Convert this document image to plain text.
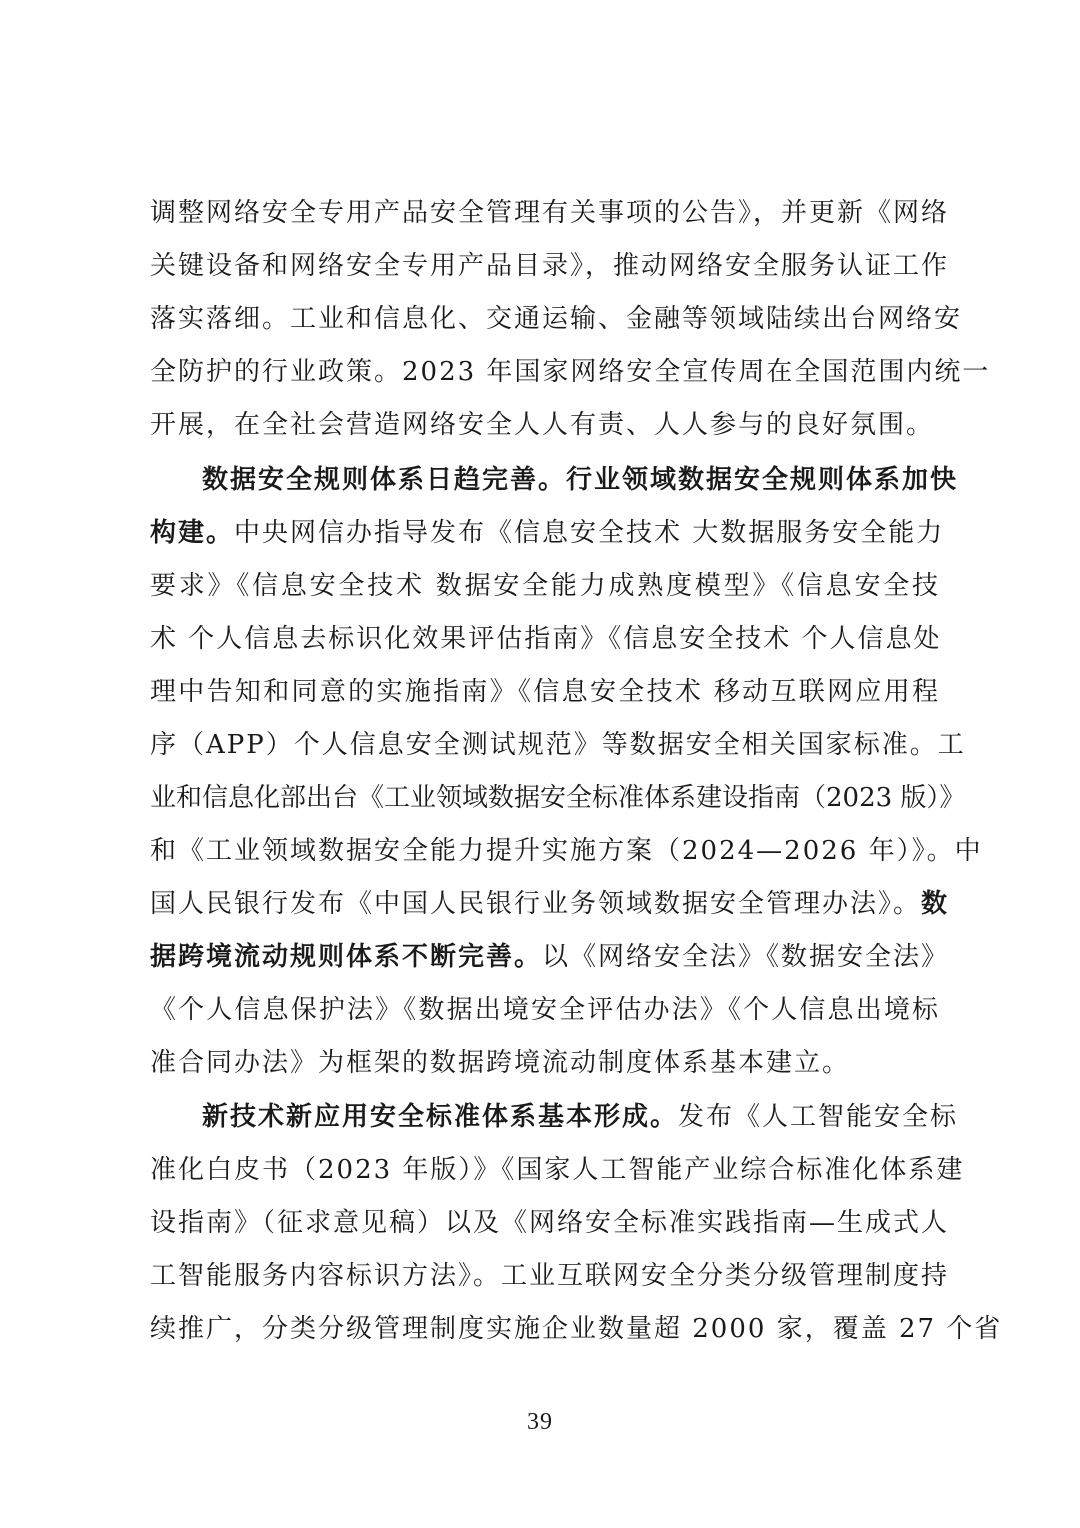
调整网络安全专用产品安全管理有关事项的公告》，并更新《网络
关键设备和网络安全专用产品目录》，推动网络安全服务认证工作
落实落细。工业和信息化、交通运输、金融等领域陆续出台网络安
全防护的行业政策。2023 年国家网络安全宣传周在全国范围内统一
开展，在全社会营造网络安全人人有责、人人参与的良好氛围。
数据安全规则体系日趋完善。行业领域数据安全规则体系加快
构建。中央网信办指导发布《信息安全技术 大数据服务安全能力
要求》《信息安全技术 数据安全能力成熟度模型》《信息安全技
术 个人信息去标识化效果评估指南》《信息安全技术 个人信息处
理中告知和同意的实施指南》《信息安全技术 移动互联网应用程
序（APP）个人信息安全测试规范》等数据安全相关国家标准。工
业和信息化部出台《工业领域数据安全标准体系建设指南（2023 版）》
和《工业领域数据安全能力提升实施方案（2024—2026 年）》。中
国人民银行发布《中国人民银行业务领域数据安全管理办法》。数
据跨境流动规则体系不断完善。以《网络安全法》《数据安全法》
《个人信息保护法》《数据出境安全评估办法》《个人信息出境标
准合同办法》为框架的数据跨境流动制度体系基本建立。
新技术新应用安全标准体系基本形成。发布《人工智能安全标
准化白皮书（2023 年版）》《国家人工智能产业综合标准化体系建
设指南》（征求意见稿）以及《网络安全标准实践指南—生成式人
工智能服务内容标识方法》。工业互联网安全分类分级管理制度持
续推广，分类分级管理制度实施企业数量超 2000 家，覆盖 27 个省
39
